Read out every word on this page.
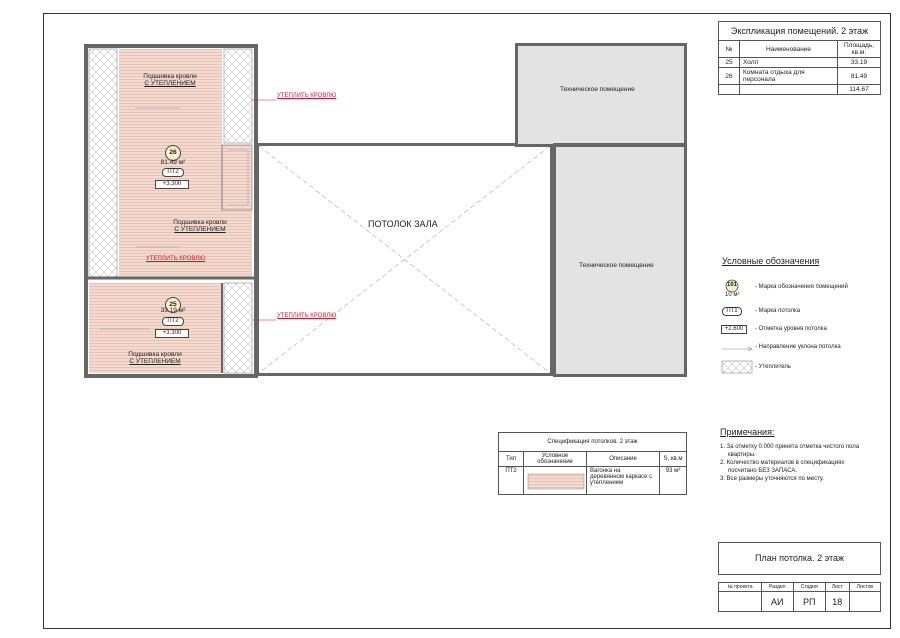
Экспликация помещений. 2 этаж		
№	Наименование	Площадь, кв.м.
25	Холл	33.19
26	Комната отдыха для персонала	81.49
		114.67
Подшивка кровли
С УТЕПЛЕНИЕМ
26
81.49 м²
ПТ2
+3.300
Подшивка кровли
С УТЕПЛЕНИЕМ
25
33.19 м²
ПТ2
+3.300
Подшивка кровли
С УТЕПЛЕНИЕМ
УТЕПЛИТЬ КРОВЛЮ
УТЕПЛИТЬ КРОВЛЮ
УТЕПЛИТЬ КРОВЛЮ
ПОТОЛОК ЗАЛА
Техническое помещение
Техническое помещение	Условные обозначения
101
10 м²
- Марка обозначения помещений
ПТ1	- Марка потолка
+2.600	- Отметка уровня потолка
- Направление уклона потолка
- Утеплитель
Примечания:
1. За отметку 0.000 принята отметка чистого пола
квартиры.
2. Количество материалов в спецификациях
посчитано БЕЗ ЗАПАСА.
3. Все размеры уточняются по месту.
Спецификация потолков. 2 этаж			
Тип	Условное обозначение	Описание	S, кв.м
ПТ2		Вагонка на деревянном каркасе с утеплением	93 м²
План потолка. 2 этаж
№ проекта	Раздел	Стадия	Лист	Листов
	АИ	РП	18	
